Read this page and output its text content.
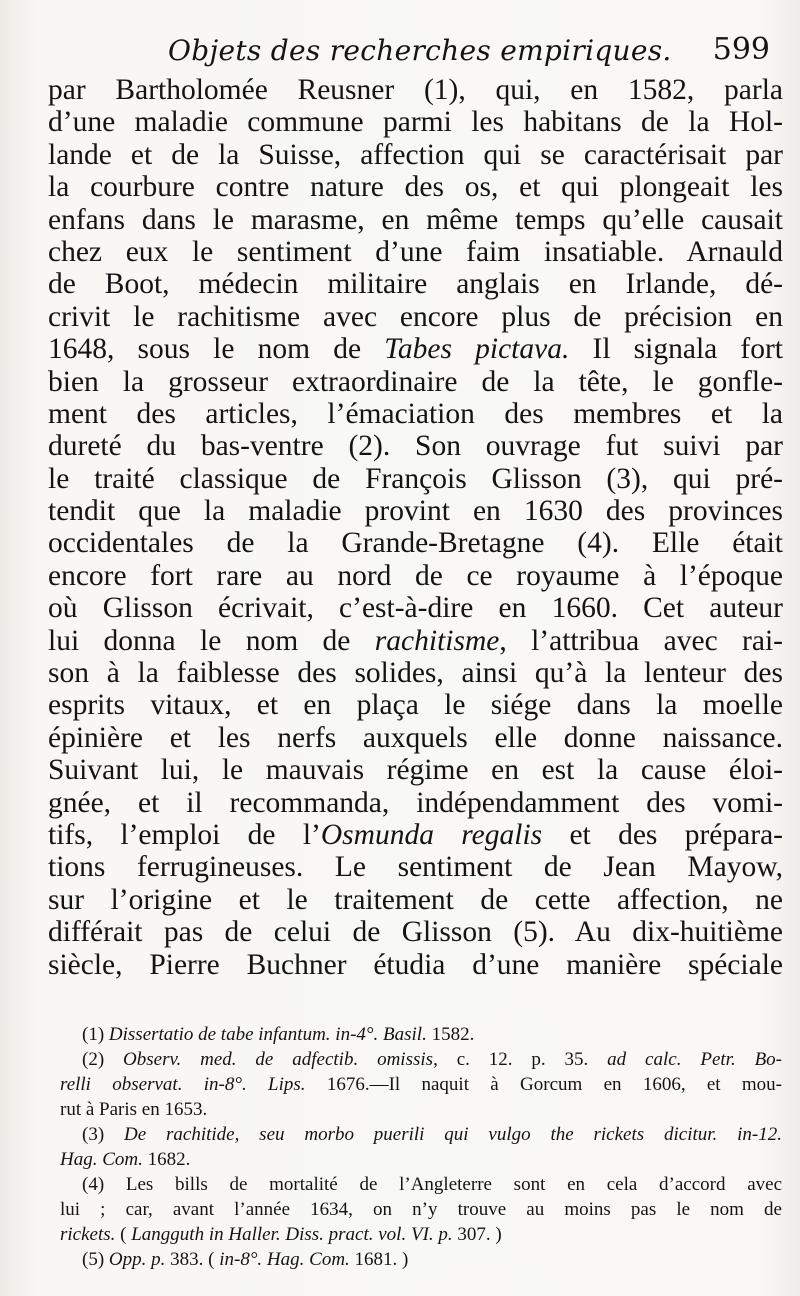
Objets des recherches empiriques. 599
par Bartholomée Reusner (1), qui, en 1582, parla
d’une maladie commune parmi les habitans de la Hol-
lande et de la Suisse, affection qui se caractérisait par
la courbure contre nature des os, et qui plongeait les
enfans dans le marasme, en même temps qu’elle causait
chez eux le sentiment d’une faim insatiable. Arnauld
de Boot, médecin militaire anglais en Irlande, dé-
crivit le rachitisme avec encore plus de précision en
1648, sous le nom de Tabes pictava. Il signala fort
bien la grosseur extraordinaire de la tête, le gonfle-
ment des articles, l’émaciation des membres et la
dureté du bas-ventre (2). Son ouvrage fut suivi par
le traité classique de François Glisson (3), qui pré-
tendit que la maladie provint en 1630 des provinces
occidentales de la Grande-Bretagne (4). Elle était
encore fort rare au nord de ce royaume à l’époque
où Glisson écrivait, c’est-à-dire en 1660. Cet auteur
lui donna le nom de rachitisme, l’attribua avec rai-
son à la faiblesse des solides, ainsi qu’à la lenteur des
esprits vitaux, et en plaça le siége dans la moelle
épinière et les nerfs auxquels elle donne naissance.
Suivant lui, le mauvais régime en est la cause éloi-
gnée, et il recommanda, indépendamment des vomi-
tifs, l’emploi de l’Osmunda regalis et des prépara-
tions ferrugineuses. Le sentiment de Jean Mayow,
sur l’origine et le traitement de cette affection, ne
différait pas de celui de Glisson (5). Au dix-huitième
siècle, Pierre Buchner étudia d’une manière spéciale
(1) Dissertatio de tabe infantum. in-4°. Basil. 1582.
(2) Observ. med. de adfectib. omissis, c. 12. p. 35. ad calc. Petr. Bo-
relli observat. in-8°. Lips. 1676.—Il naquit à Gorcum en 1606, et mou-
rut à Paris en 1653.
(3) De rachitide, seu morbo puerili qui vulgo the rickets dicitur. in-12.
Hag. Com. 1682.
(4) Les bills de mortalité de l’Angleterre sont en cela d’accord avec
lui ; car, avant l’année 1634, on n’y trouve au moins pas le nom de
rickets. ( Langguth in Haller. Diss. pract. vol. VI. p. 307. )
(5) Opp. p. 383. ( in-8°. Hag. Com. 1681. )
